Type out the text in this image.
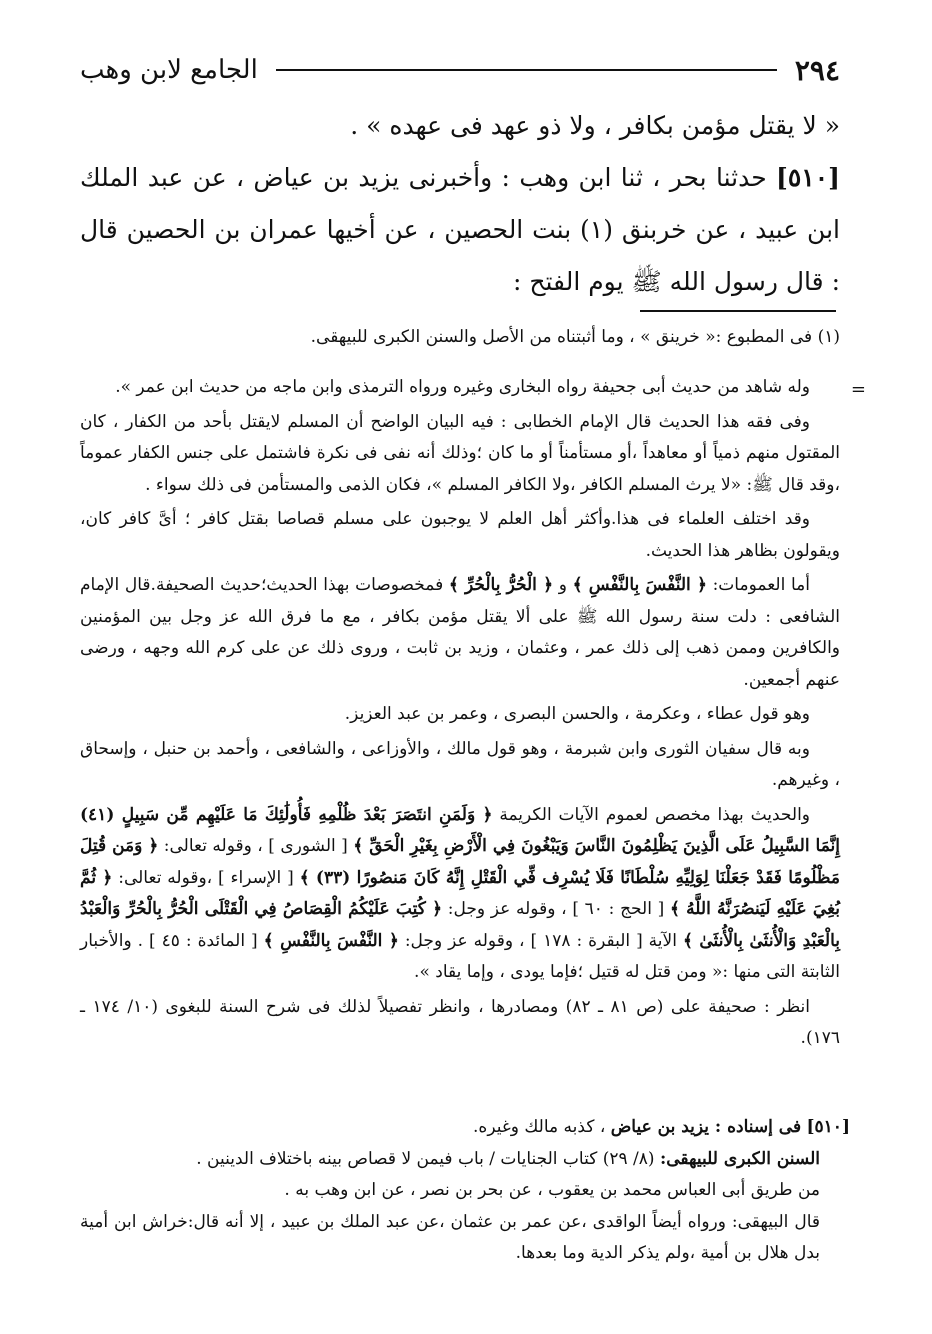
٢٩٤
الجامع لابن وهب

« لا يقتل مؤمن بكافر ، ولا ذو عهد فى عهده » .

[٥١٠] حدثنا بحر ، ثنا ابن وهب : وأخبرنى يزيد بن عياض ، عن عبد الملك ابن عبيد ، عن خربنق (١) بنت الحصين ، عن أخيها عمران بن الحصين قال : قال رسول الله ﷺ يوم الفتح :

(١) فى المطبوع :« خرينق » ، وما أثبتناه من الأصل والسنن الكبرى للبيهقى.
=

وله شاهد من حديث أبى جحيفة رواه البخارى وغيره ورواه الترمذى وابن ماجه من حديث ابن عمر ».

وفى فقه هذا الحديث قال الإمام الخطابى : فيه البيان الواضح أن المسلم لايقتل بأحد من الكفار ، كان المقتول منهم ذمياً أو معاهداً ،أو مستأمناً أو ما كان ؛وذلك أنه نفى فى نكرة فاشتمل على جنس الكفار عموماً ،وقد قال ﷺ: «لا يرث المسلم الكافر ،ولا الكافر المسلم »، فكان الذمى والمستأمن فى ذلك سواء .

وقد اختلف العلماء فى هذا.وأكثر أهل العلم لا يوجبون على مسلم قصاصا بقتل كافر ؛ أىَّ كافر كان، ويقولون بظاهر هذا الحديث.

أما العمومات: ﴿ النَّفْسَ بِالنَّفْسِ ﴾ و ﴿ الْحُرُّ بِالْحُرِّ ﴾ فمخصوصات بهذا الحديث؛حديث الصحيفة.قال الإمام الشافعى : دلت سنة رسول الله ﷺ على ألا يقتل مؤمن بكافر ، مع ما فرق الله عز وجل بين المؤمنين والكافرين وممن ذهب إلى ذلك عمر ، وعثمان ، وزيد بن ثابت ، وروى ذلك عن على كرم الله وجهه ، ورضى عنهم أجمعين.

وهو قول عطاء ، وعكرمة ، والحسن البصرى ، وعمر بن عبد العزيز.

وبه قال سفيان الثورى وابن شبرمة ، وهو قول مالك ، والأوزاعى ، والشافعى ، وأحمد بن حنبل ، وإسحاق ، وغيرهم.

والحديث بهذا مخصص لعموم الآيات الكريمة ﴿ وَلَمَنِ انتَصَرَ بَعْدَ ظُلْمِهِ فَأُولَٰئِكَ مَا عَلَيْهِم مِّن سَبِيلٍ (٤١) إِنَّمَا السَّبِيلُ عَلَى الَّذِينَ يَظْلِمُونَ النَّاسَ وَيَبْغُونَ فِي الْأَرْضِ بِغَيْرِ الْحَقِّ ﴾ [ الشورى ] ، وقوله تعالى: ﴿ وَمَن قُتِلَ مَظْلُومًا فَقَدْ جَعَلْنَا لِوَلِيِّهِ سُلْطَانًا فَلَا يُسْرِف فِّي الْقَتْلِ إِنَّهُ كَانَ مَنصُورًا (٣٣) ﴾ [ الإسراء ] ،وقوله تعالى: ﴿ ثُمَّ بُغِيَ عَلَيْهِ لَيَنصُرَنَّهُ اللَّهُ ﴾ [ الحج : ٦٠ ] ، وقوله عز وجل: ﴿ كُتِبَ عَلَيْكُمُ الْقِصَاصُ فِي الْقَتْلَى الْحُرُّ بِالْحُرِّ وَالْعَبْدُ بِالْعَبْدِ وَالْأُنثَىٰ بِالْأُنثَىٰ ﴾ الآية [ البقرة : ١٧٨ ] ، وقوله عز وجل: ﴿ النَّفْسَ بِالنَّفْسِ ﴾ [ المائدة : ٤٥ ] . والأخبار الثابتة التى منها :« ومن قتل له قتيل ؛فإما يودى ، وإما يقاد ».

انظر : صحيفة على (ص ٨١ ـ ٨٢) ومصادرها ، وانظر تفصيلاً لذلك فى شرح السنة للبغوى (١٠/ ١٧٤ ـ ١٧٦).

[٥١٠] فى إسناده : يزيد بن عياض ، كذبه مالك وغيره.

السنن الكبرى للبيهقى: (٨/ ٢٩) كتاب الجنايات / باب فيمن لا قصاص بينه باختلاف الدينين .

من طريق أبى العباس محمد بن يعقوب ، عن بحر بن نصر ، عن ابن وهب به .

قال البيهقى: ورواه أيضاً الواقدى ،عن عمر بن عثمان ،عن عبد الملك بن عبيد ، إلا أنه قال:خراش ابن أمية بدل هلال بن أمية ،ولم يذكر الدية وما بعدها.
